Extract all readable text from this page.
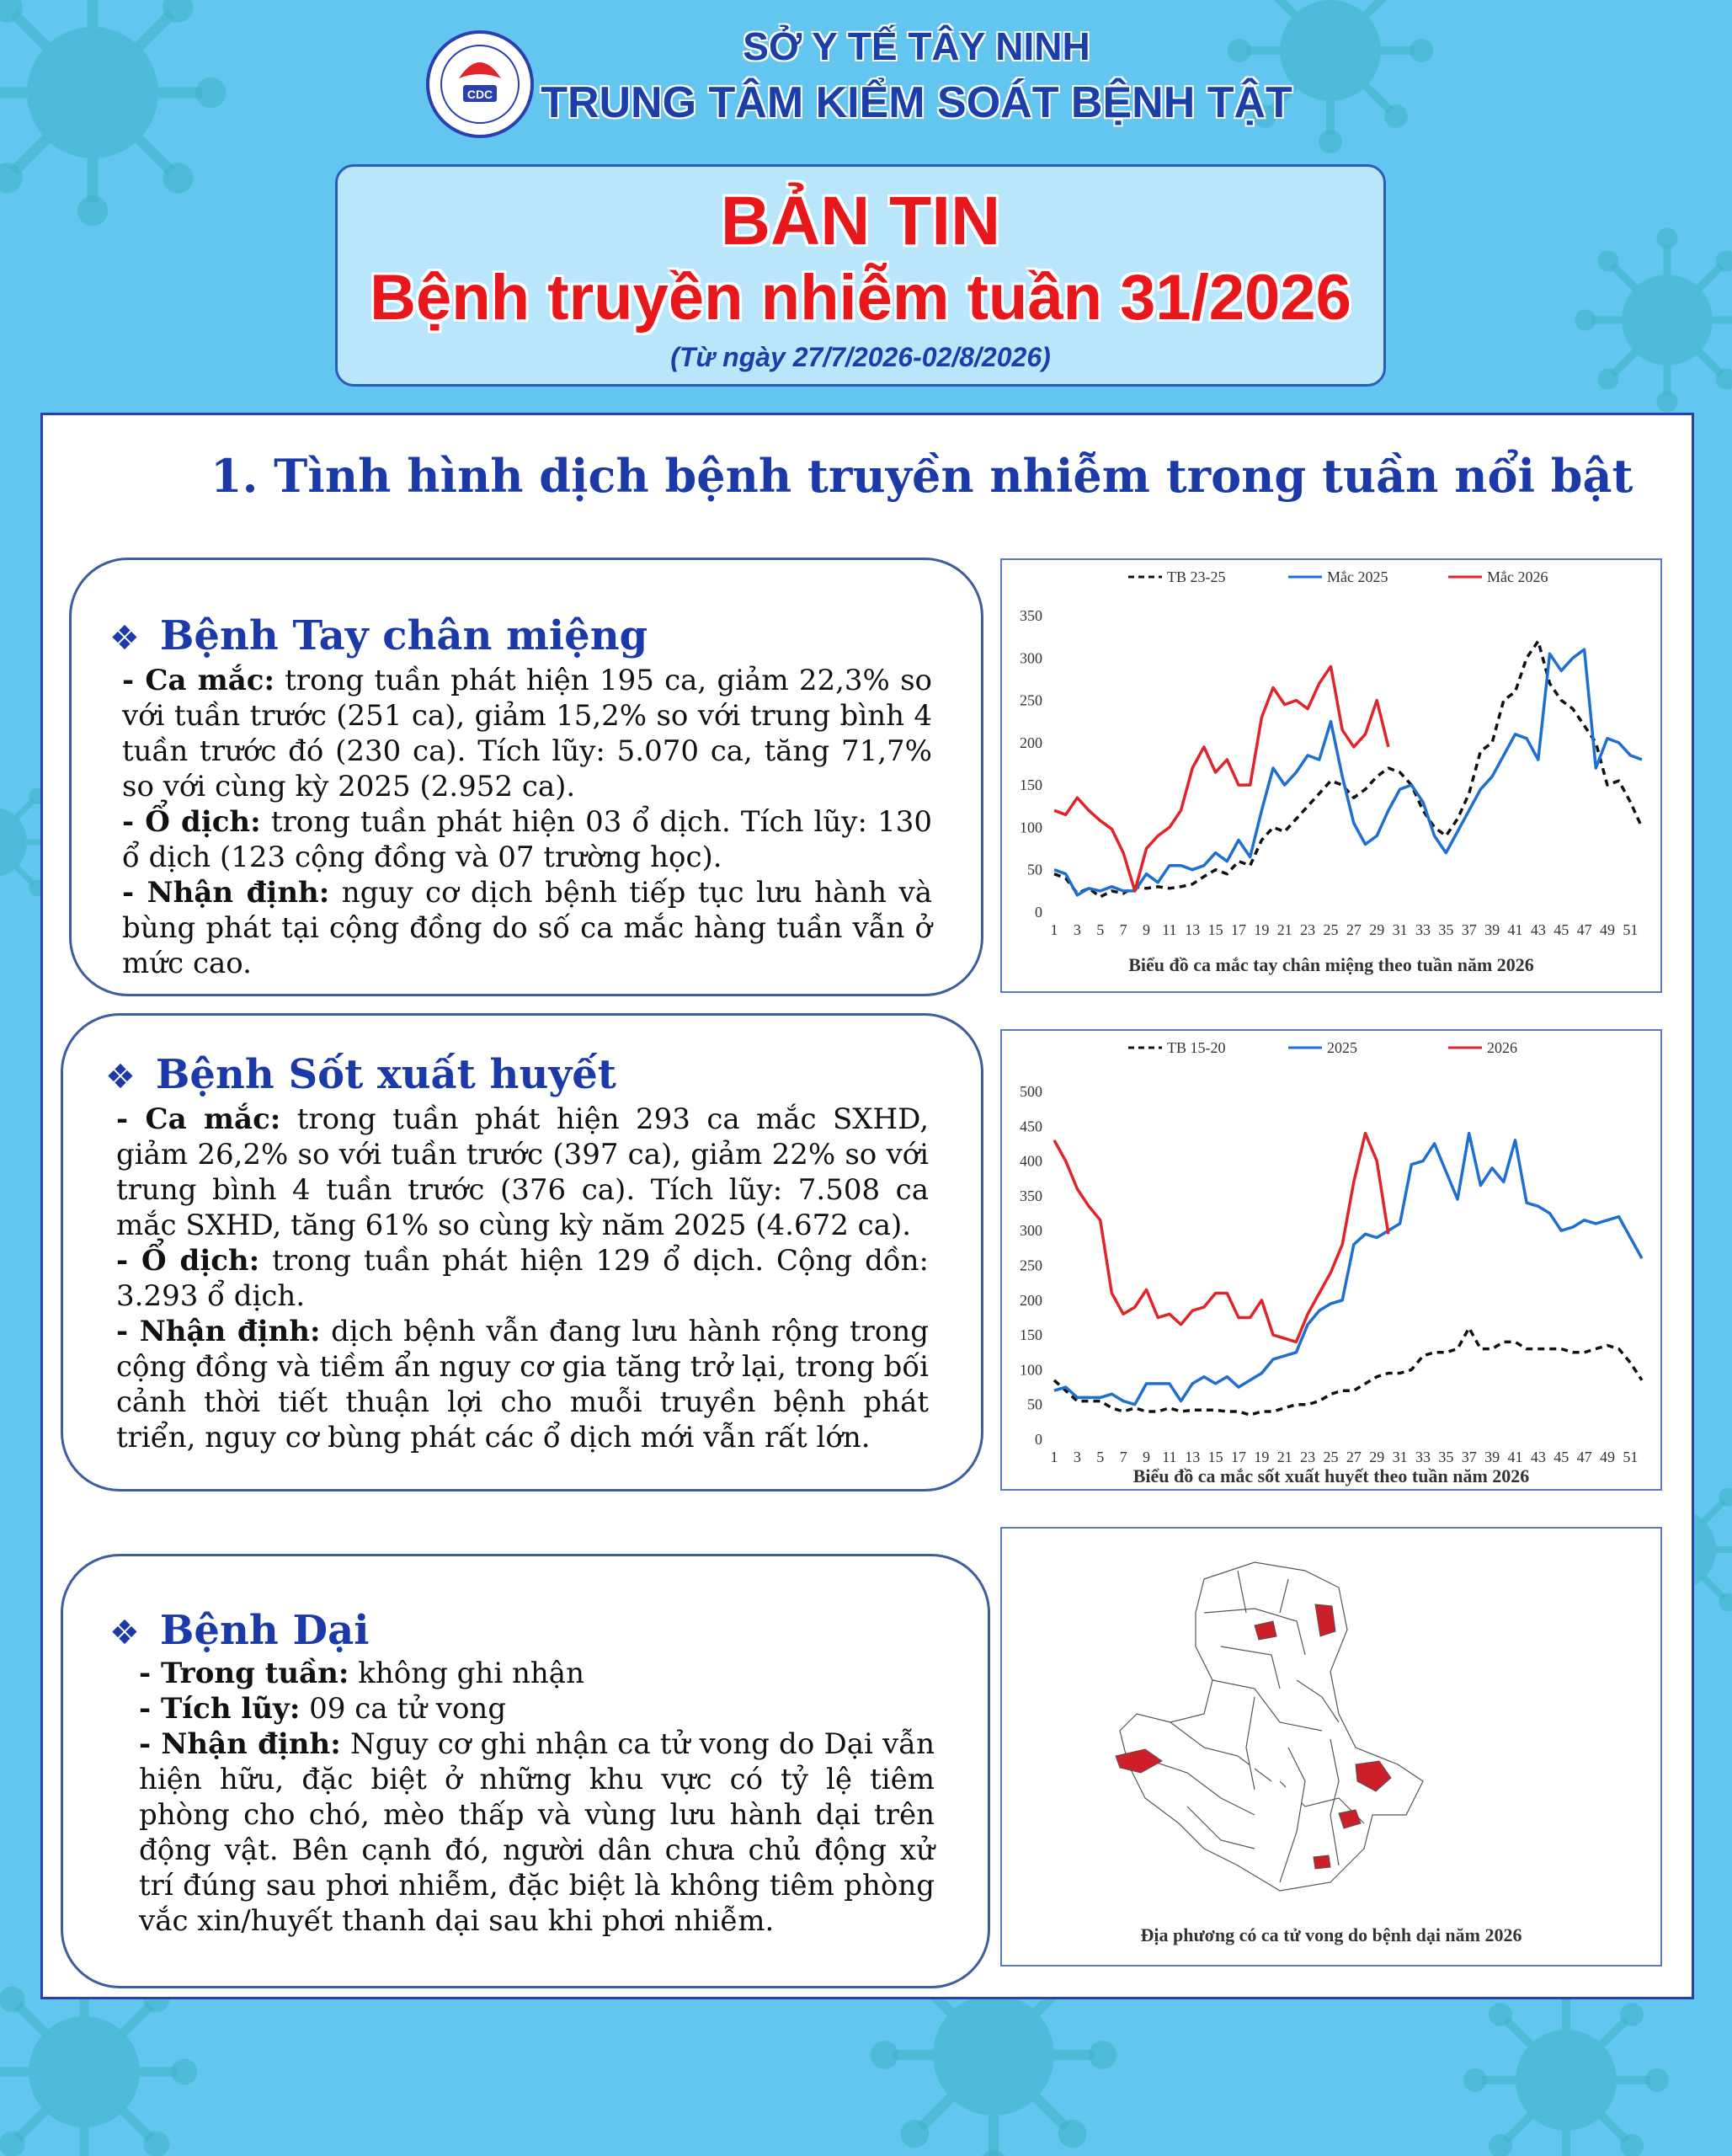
CDC
SỞ Y TẾ TÂY NINH
TRUNG TÂM KIỂM SOÁT BỆNH TẬT
BẢN TIN
Bệnh truyền nhiễm tuần 31/2026
(Từ ngày 27/7/2026-02/8/2026)
1. Tình hình dịch bệnh truyền nhiễm trong tuần nổi bật
❖ Bệnh Tay chân miệng

- Ca mắc: trong tuần phát hiện 195 ca, giảm 22,3% so với tuần trước (251 ca), giảm 15,2% so với trung bình 4 tuần trước đó (230 ca). Tích lũy: 5.070 ca, tăng 71,7% so với cùng kỳ 2025 (2.952 ca).

- Ổ dịch: trong tuần phát hiện 03 ổ dịch. Tích lũy: 130 ổ dịch (123 cộng đồng và 07 trường học).

- Nhận định: nguy cơ dịch bệnh tiếp tục lưu hành và bùng phát tại cộng đồng do số ca mắc hàng tuần vẫn ở mức cao.

❖ Bệnh Sốt xuất huyết

- Ca mắc: trong tuần phát hiện 293 ca mắc SXHD, giảm 26,2% so với tuần trước (397 ca), giảm 22% so với trung bình 4 tuần trước (376 ca). Tích lũy: 7.508 ca mắc SXHD, tăng 61% so cùng kỳ năm 2025 (4.672 ca).

- Ổ dịch: trong tuần phát hiện 129 ổ dịch. Cộng dồn: 3.293 ổ dịch.

- Nhận định: dịch bệnh vẫn đang lưu hành rộng trong cộng đồng và tiềm ẩn nguy cơ gia tăng trở lại, trong bối cảnh thời tiết thuận lợi cho muỗi truyền bệnh phát triển, nguy cơ bùng phát các ổ dịch mới vẫn rất lớn.

❖ Bệnh Dại

- Trong tuần: không ghi nhận

- Tích lũy: 09 ca tử vong

- Nhận định: Nguy cơ ghi nhận ca tử vong do Dại vẫn hiện hữu, đặc biệt ở những khu vực có tỷ lệ tiêm phòng cho chó, mèo thấp và vùng lưu hành dại trên động vật. Bên cạnh đó, người dân chưa chủ động xử trí đúng sau phơi nhiễm, đặc biệt là không tiêm phòng vắc xin/huyết thanh dại sau khi phơi nhiễm.

0
50
100
150
200
250
300
350
1 3 5 7 9 11 13 15 17 19 21 23 25 27 29 31 33 35 37 39 41 43 45 47 49 51
TB 23-25	Mắc 2025	Mắc 2026
Biểu đồ ca mắc tay chân miệng theo tuần năm 2026
0
50
100
150
200
250
300
350
400
450
500
1 3 5 7 9 11 13 15 17 19 21 23 25 27 29 31 33 35 37 39 41 43 45 47 49 51
TB 15-20	2025	2026
Biểu đồ ca mắc sốt xuất huyết theo tuần năm 2026
Địa phương có ca tử vong do bệnh dại năm 2026
